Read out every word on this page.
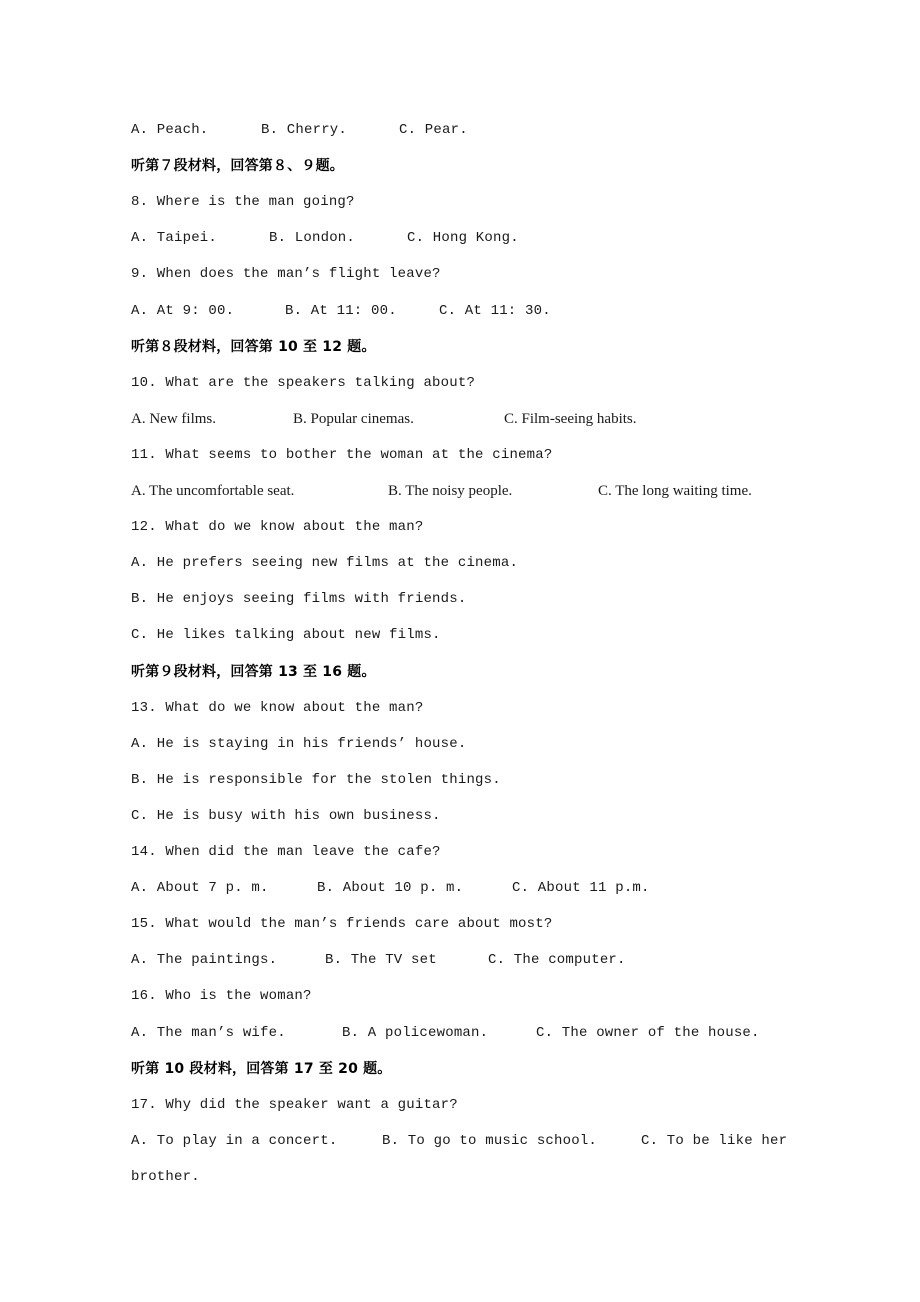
A. Peach.	B. Cherry.	C. Pear.
听第７段材料，回答第８、９题。
8. Where is the man going?
A. Taipei.	B. London.	C. Hong Kong.
9. When does the man’s flight leave?
A. At 9: 00.	B. At 11: 00.	C. At 11: 30.
听第８段材料，回答第 10 至 12 题。
10. What are the speakers talking about?
A. New films.	B. Popular cinemas.	C. Film-seeing habits.
11. What seems to bother the woman at the cinema?
A. The uncomfortable seat.	B. The noisy people.	C. The long waiting time.
12. What do we know about the man?
A. He prefers seeing new films at the cinema.
B. He enjoys seeing films with friends.
C. He likes talking about new films.
听第９段材料，回答第 13 至 16 题。
13. What do we know about the man?
A. He is staying in his friends’ house.
B. He is responsible for the stolen things.
C. He is busy with his own business.
14. When did the man leave the cafe?
A. About 7 p. m.	B. About 10 p. m.	C. About 11 p.m.
15. What would the man’s friends care about most?
A. The paintings.	B. The TV set	C. The computer.
16. Who is the woman?
A. The man’s wife.	B. A policewoman.	C. The owner of the house.
听第 10 段材料，回答第 17 至 20 题。
17. Why did the speaker want a guitar?
A. To play in a concert.	B. To go to music school.	C. To be like her
brother.
